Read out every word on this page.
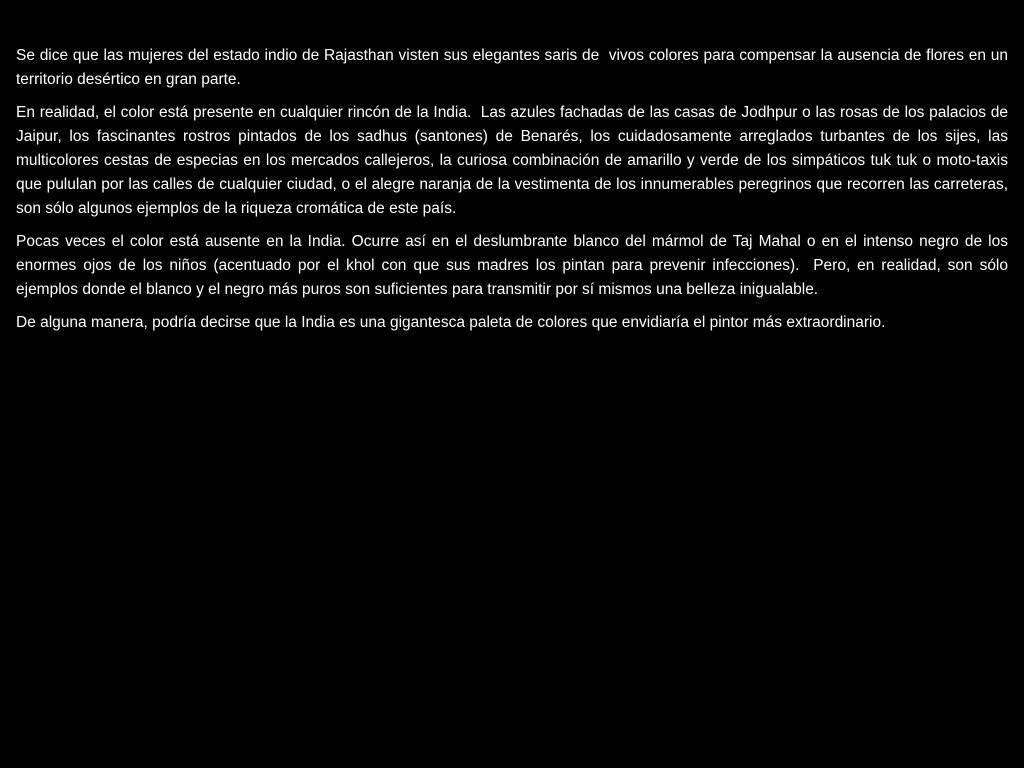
Se dice que las mujeres del estado indio de Rajasthan visten sus elegantes saris de  vivos colores para compensar la ausencia de flores en un territorio desértico en gran parte.

En realidad, el color está presente en cualquier rincón de la India.  Las azules fachadas de las casas de Jodhpur o las rosas de los palacios de Jaipur, los fascinantes rostros pintados de los sadhus (santones) de Benarés, los cuidadosamente arreglados turbantes de los sijes, las multicolores cestas de especias en los mercados callejeros, la curiosa combinación de amarillo y verde de los simpáticos tuk tuk o moto-taxis que pululan por las calles de cualquier ciudad, o el alegre naranja de la vestimenta de los innumerables peregrinos que recorren las carreteras, son sólo algunos ejemplos de la riqueza cromática de este país.

Pocas veces el color está ausente en la India. Ocurre así en el deslumbrante blanco del mármol de Taj Mahal o en el intenso negro de los enormes ojos de los niños (acentuado por el khol con que sus madres los pintan para prevenir infecciones).  Pero, en realidad, son sólo ejemplos donde el blanco y el negro más puros son suficientes para transmitir por sí mismos una belleza inigualable.

De alguna manera, podría decirse que la India es una gigantesca paleta de colores que envidiaría el pintor más extraordinario.
